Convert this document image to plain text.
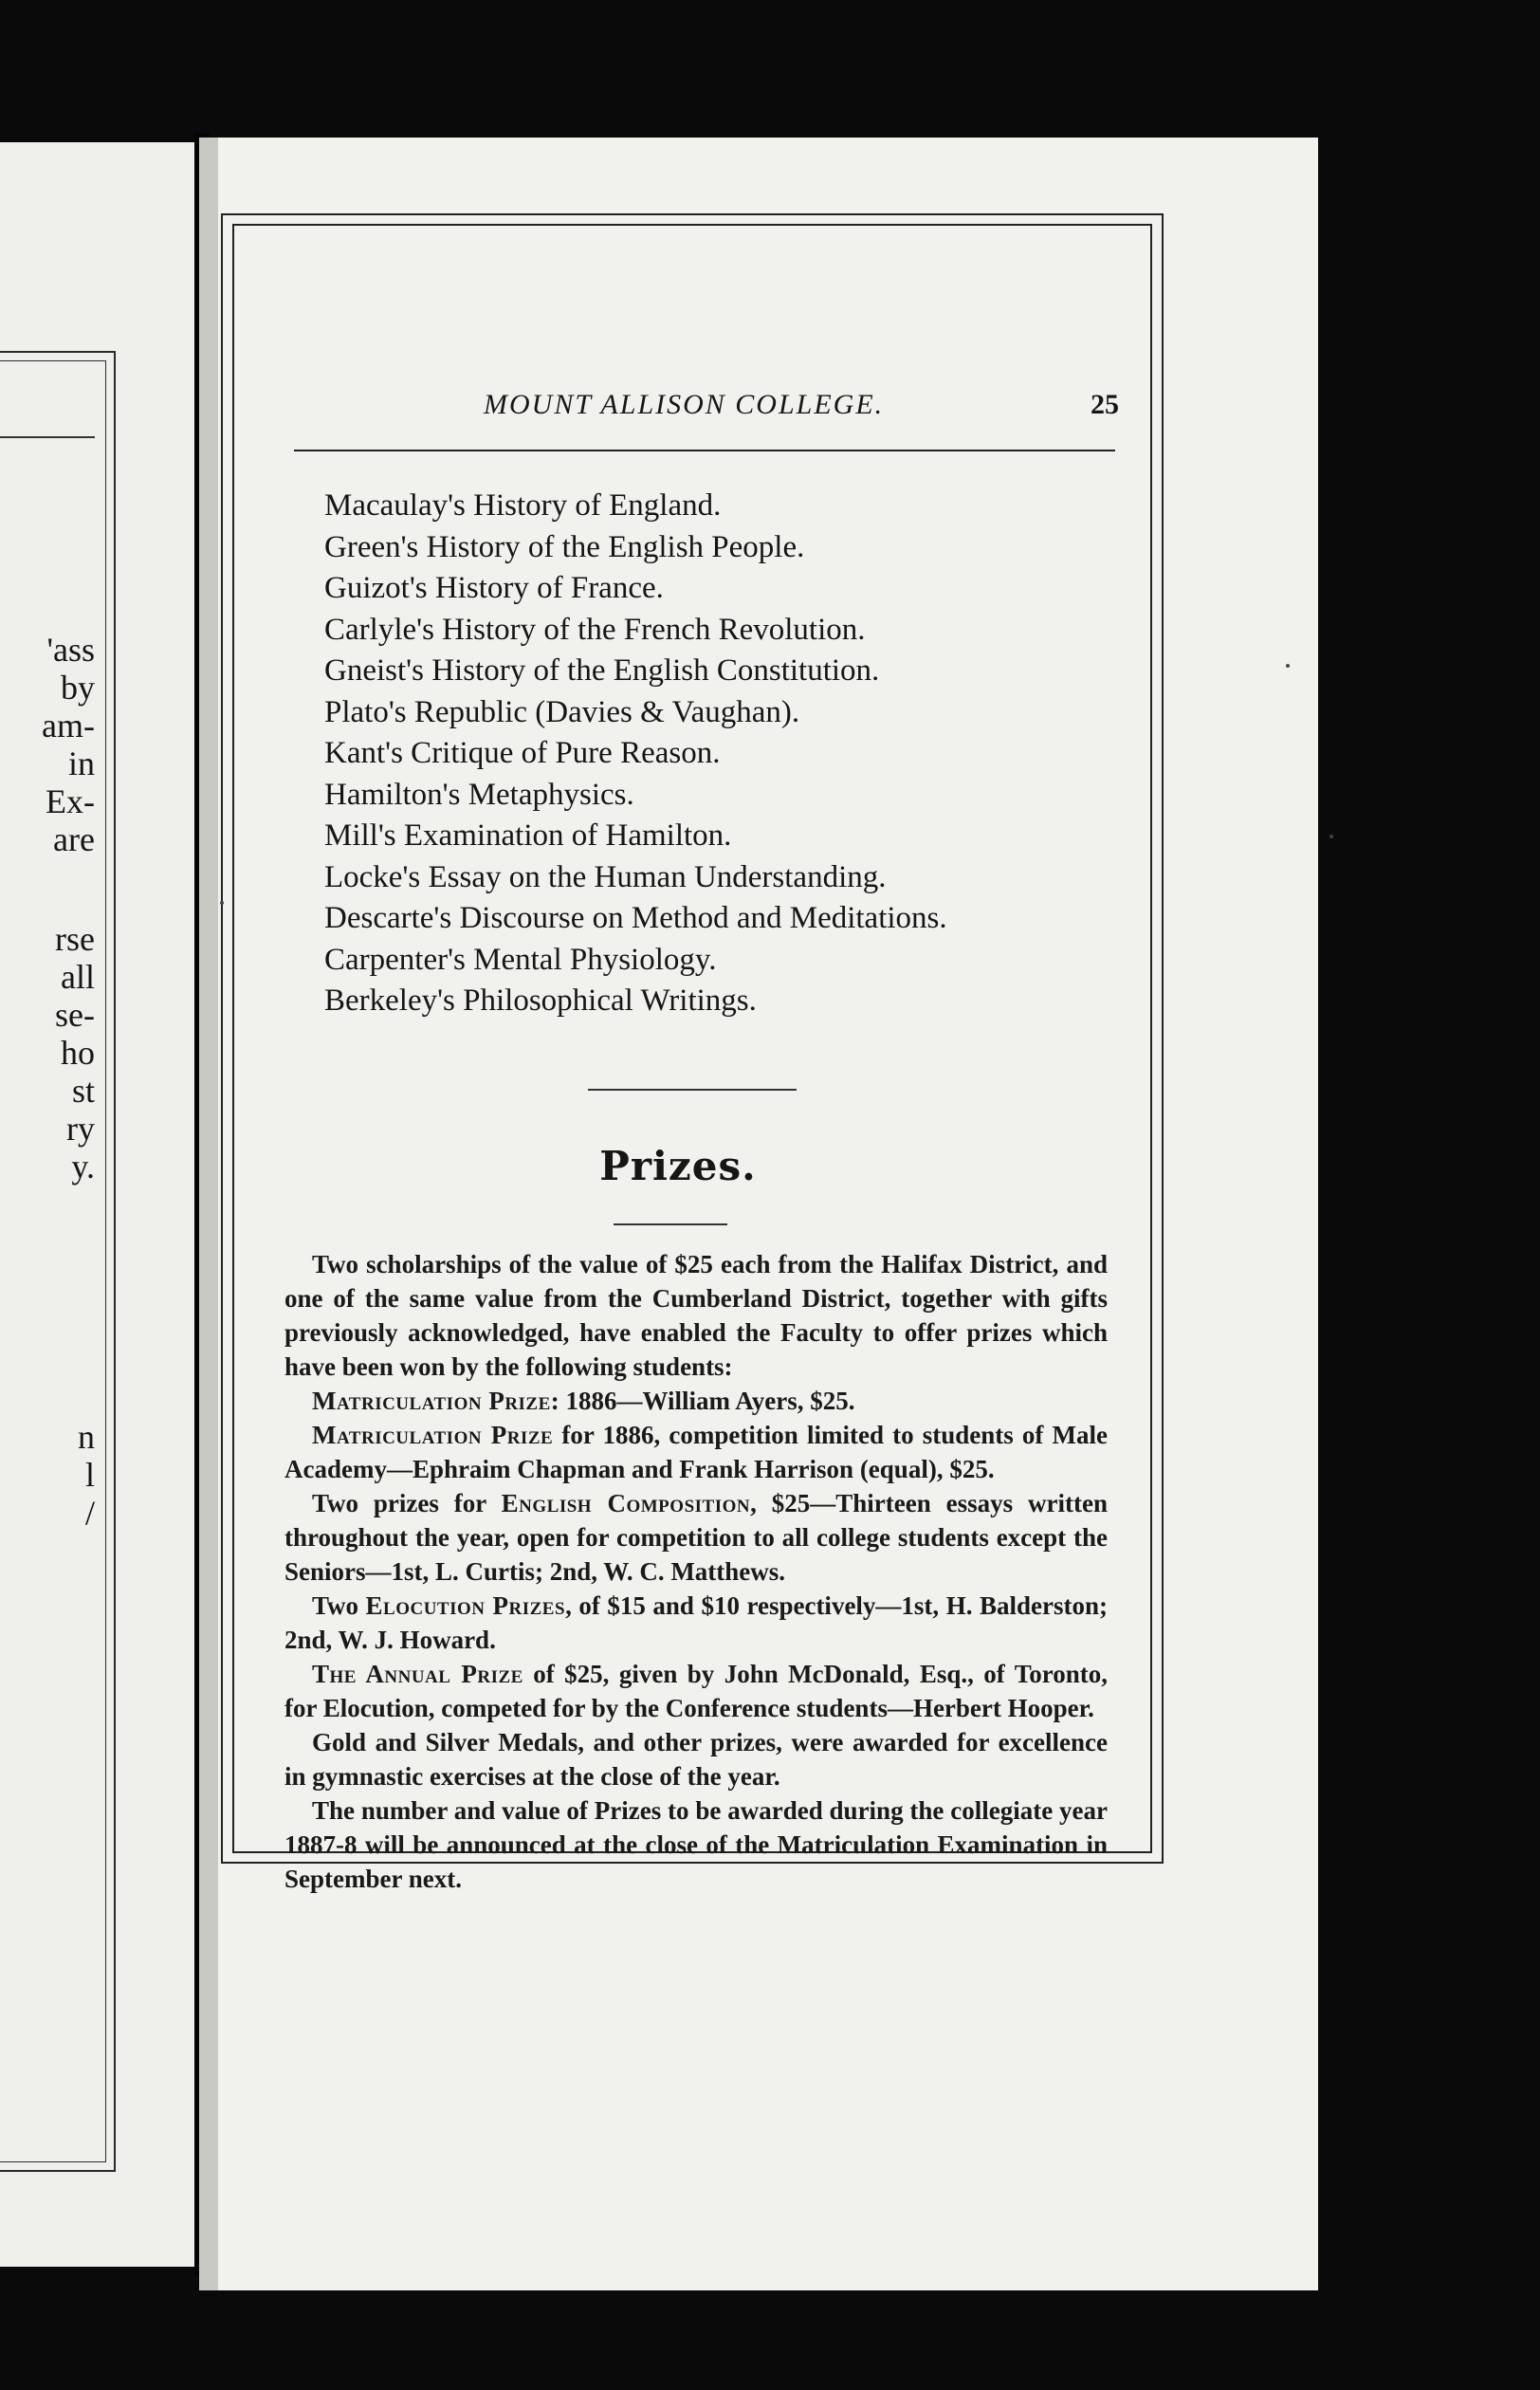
'ass
by
am-
in
Ex-
are
rse
all
se-
ho
st
ry
y.
n
l
/
MOUNT ALLISON COLLEGE.	25
Macaulay's History of England.
Green's History of the English People.
Guizot's History of France.
Carlyle's History of the French Revolution.
Gneist's History of the English Constitution.
Plato's Republic (Davies & Vaughan).
Kant's Critique of Pure Reason.
Hamilton's Metaphysics.
Mill's Examination of Hamilton.
Locke's Essay on the Human Understanding.
Descarte's Discourse on Method and Meditations.
Carpenter's Mental Physiology.
Berkeley's Philosophical Writings.
Prizes.

Two scholarships of the value of $25 each from the Halifax District, and one of the same value from the Cumberland District, together with gifts previously acknowledged, have enabled the Faculty to offer prizes which have been won by the following students:

Matriculation Prize: 1886—William Ayers, $25.

Matriculation Prize for 1886, competition limited to students of Male Academy—Ephraim Chapman and Frank Harrison (equal), $25.

Two prizes for English Composition, $25—Thirteen essays written throughout the year, open for competition to all college students except the Seniors—1st, L. Curtis; 2nd, W. C. Matthews.

Two Elocution Prizes, of $15 and $10 respectively—1st, H. Balderston; 2nd, W. J. Howard.

The Annual Prize of $25, given by John McDonald, Esq., of Toronto, for Elocution, competed for by the Conference students—Herbert Hooper.

Gold and Silver Medals, and other prizes, were awarded for excellence in gymnastic exercises at the close of the year.

The number and value of Prizes to be awarded during the collegiate year 1887-8 will be announced at the close of the Matriculation Examination in September next.
